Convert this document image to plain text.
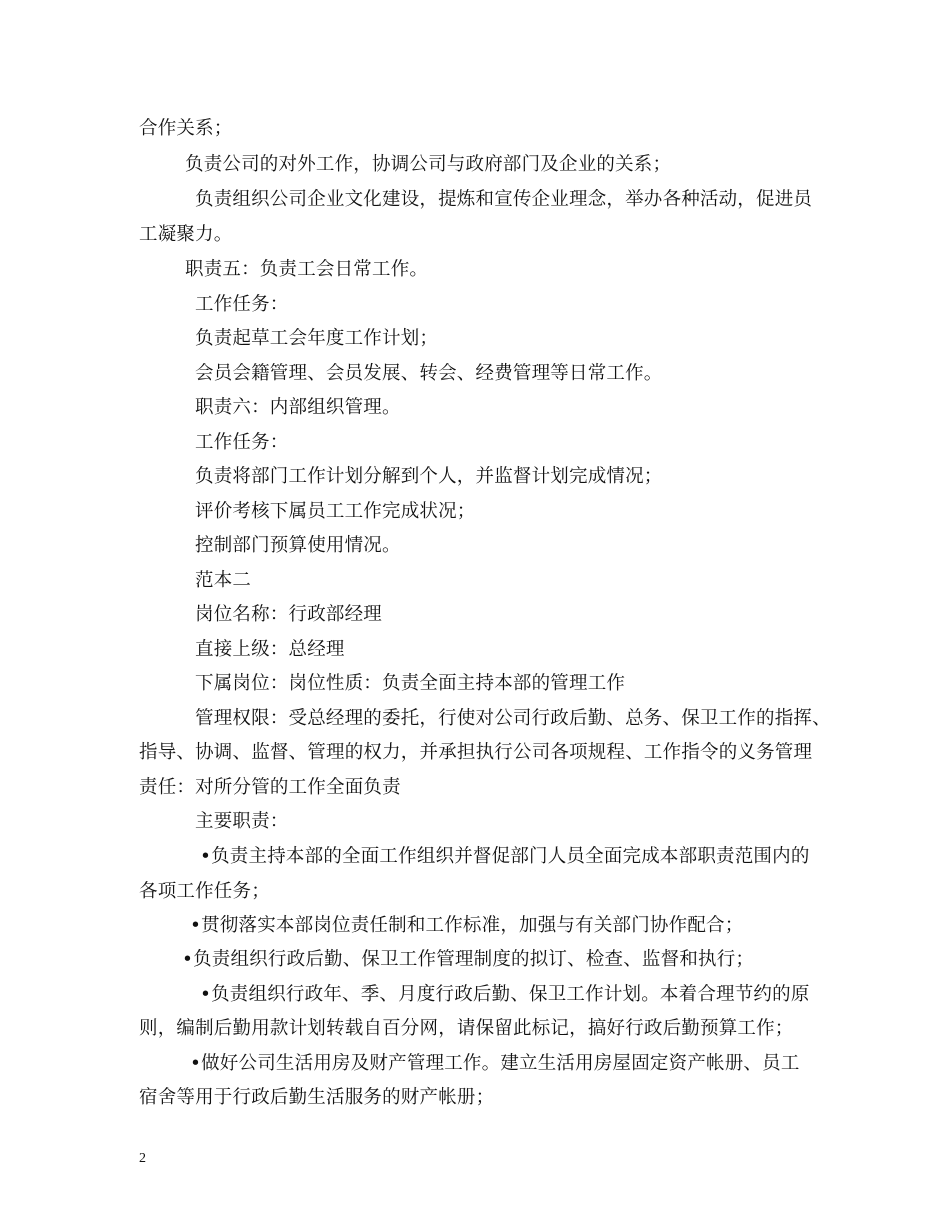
合作关系；
负责公司的对外工作，协调公司与政府部门及企业的关系；
负责组织公司企业文化建设，提炼和宣传企业理念，举办各种活动，促进员
工凝聚力。
职责五：负责工会日常工作。
工作任务：
负责起草工会年度工作计划；
会员会籍管理、会员发展、转会、经费管理等日常工作。
职责六：内部组织管理。
工作任务：
负责将部门工作计划分解到个人，并监督计划完成情况；
评价考核下属员工工作完成状况；
控制部门预算使用情况。
范本二
岗位名称：行政部经理
直接上级：总经理
下属岗位：岗位性质：负责全面主持本部的管理工作
管理权限：受总经理的委托，行使对公司行政后勤、总务、保卫工作的指挥、
指导、协调、监督、管理的权力，并承担执行公司各项规程、工作指令的义务管理
责任：对所分管的工作全面负责
主要职责：
•负责主持本部的全面工作组织并督促部门人员全面完成本部职责范围内的
各项工作任务；
•贯彻落实本部岗位责任制和工作标准，加强与有关部门协作配合；
•负责组织行政后勤、保卫工作管理制度的拟订、检查、监督和执行；
•负责组织行政年、季、月度行政后勤、保卫工作计划。本着合理节约的原
则，编制后勤用款计划转载自百分网，请保留此标记，搞好行政后勤预算工作；
•做好公司生活用房及财产管理工作。建立生活用房屋固定资产帐册、员工
宿舍等用于行政后勤生活服务的财产帐册；
2
